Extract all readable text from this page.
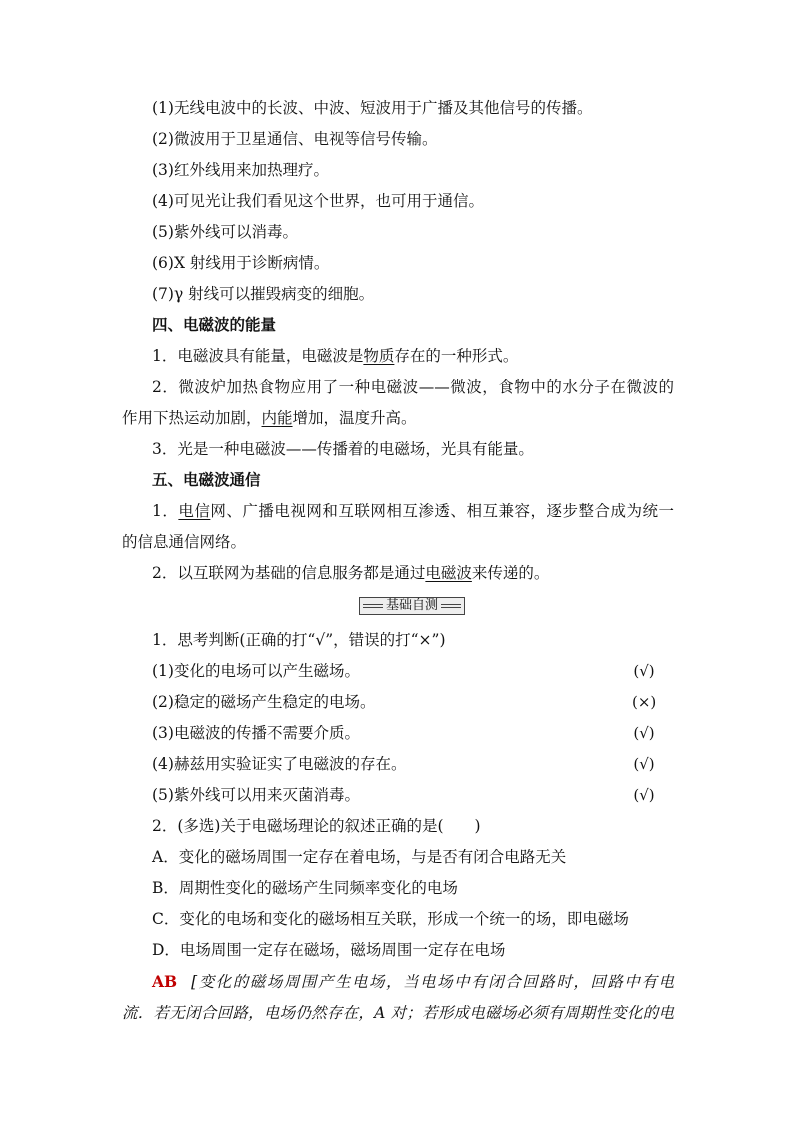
(1)无线电波中的长波、中波、短波用于广播及其他信号的传播。
(2)微波用于卫星通信、电视等信号传输。
(3)红外线用来加热理疗。
(4)可见光让我们看见这个世界，也可用于通信。
(5)紫外线可以消毒。
(6)X 射线用于诊断病情。
(7)γ 射线可以摧毁病变的细胞。
四、电磁波的能量
1．电磁波具有能量，电磁波是物质存在的一种形式。
2．微波炉加热食物应用了一种电磁波——微波，食物中的水分子在微波的
作用下热运动加剧，内能增加，温度升高。
3．光是一种电磁波——传播着的电磁场，光具有能量。
五、电磁波通信
1．电信网、广播电视网和互联网相互渗透、相互兼容，逐步整合成为统一
的信息通信网络。
2．以互联网为基础的信息服务都是通过电磁波来传递的。
基础自测
1．思考判断(正确的打“√”，错误的打“×”)
(1)变化的电场可以产生磁场。	(√)
(2)稳定的磁场产生稳定的电场。	(×)
(3)电磁波的传播不需要介质。	(√)
(4)赫兹用实验证实了电磁波的存在。	(√)
(5)紫外线可以用来灭菌消毒。	(√)
2．(多选)关于电磁场理论的叙述正确的是(　　)
A．变化的磁场周围一定存在着电场，与是否有闭合电路无关
B．周期性变化的磁场产生同频率变化的电场
C．变化的电场和变化的磁场相互关联，形成一个统一的场，即电磁场
D．电场周围一定存在磁场，磁场周围一定存在电场
AB [变化的磁场周围产生电场，当电场中有闭合回路时，回路中有电
流．若无闭合回路，电场仍然存在，A 对；若形成电磁场必须有周期性变化的电
